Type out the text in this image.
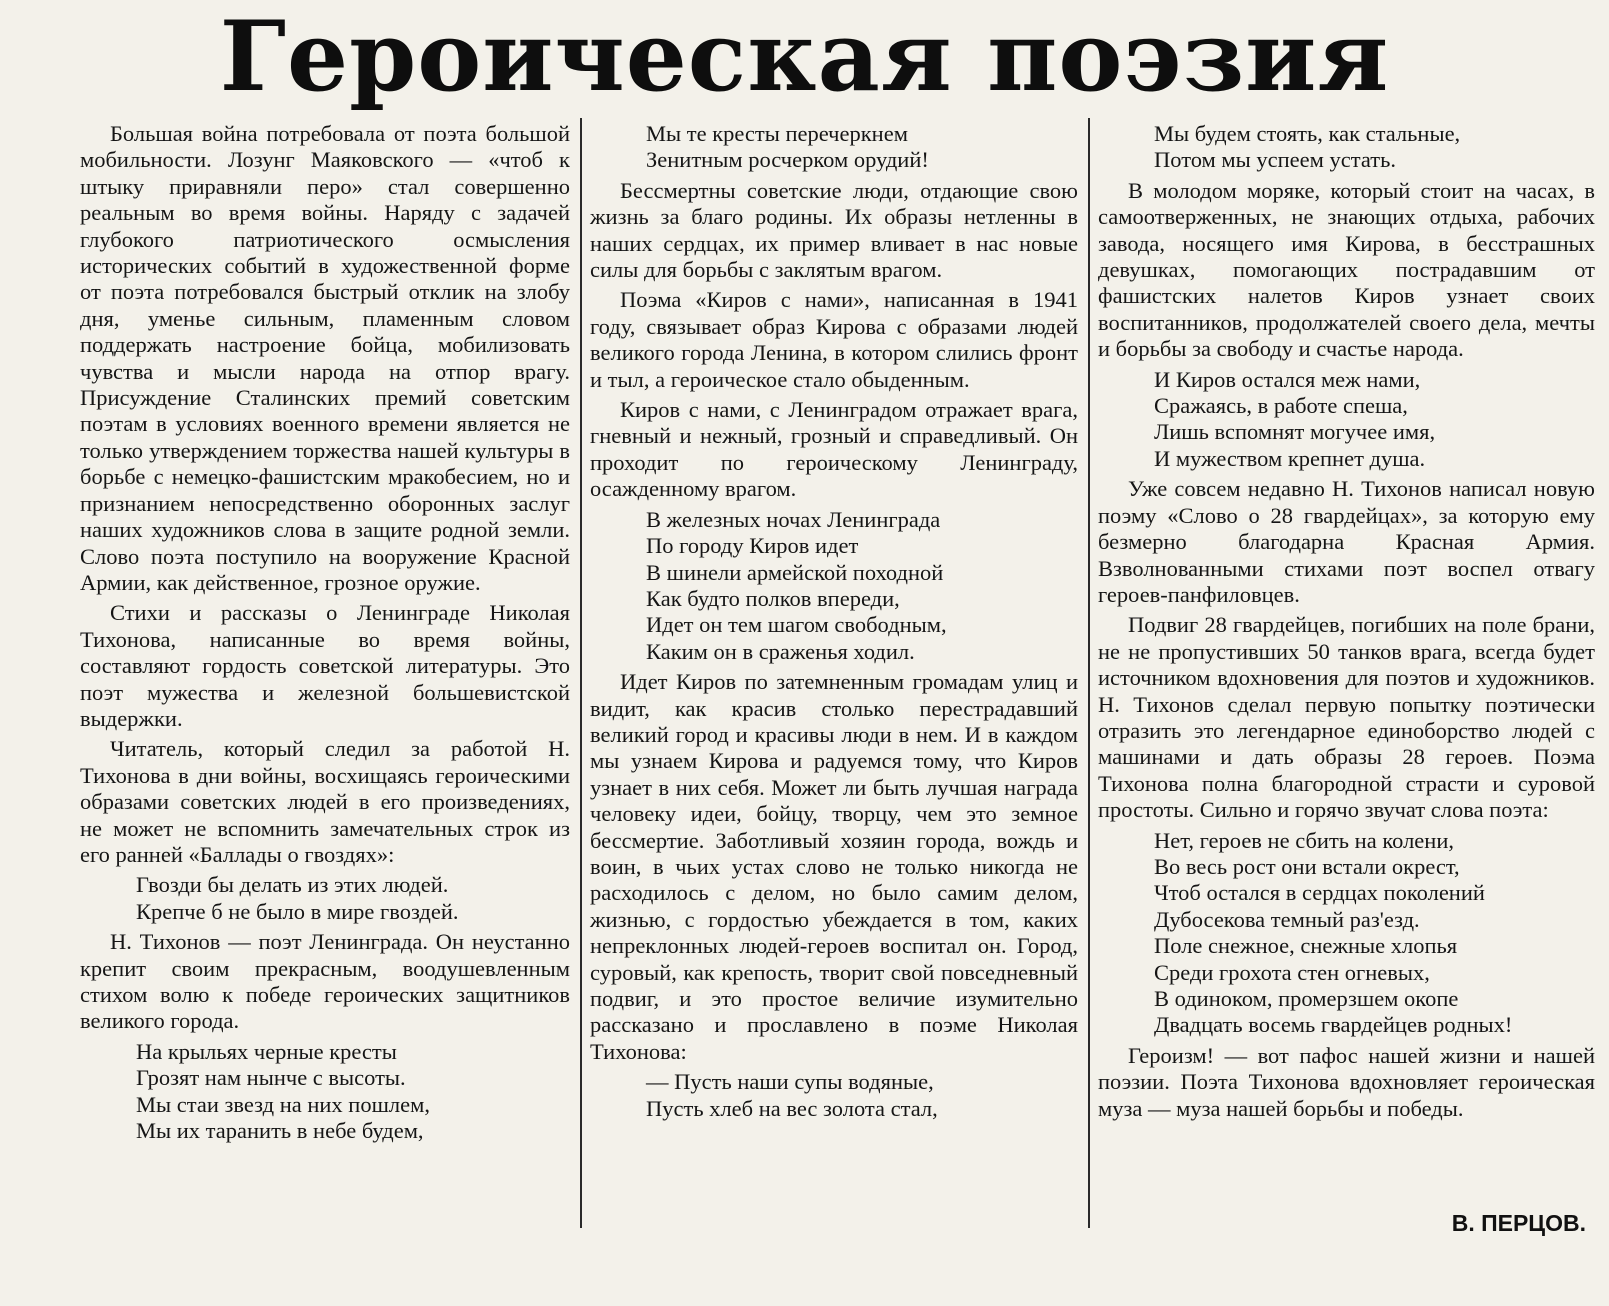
Героическая поэзия

Большая война потребовала от поэта большой мобильности. Лозунг Маяковского — «чтоб к штыку приравняли перо» стал совершенно реальным во время войны. Наряду с задачей глубокого патриотического осмысления исторических событий в художественной форме от поэта потребовался быстрый отклик на злобу дня, уменье сильным, пламенным словом поддержать настроение бойца, мобилизовать чувства и мысли народа на отпор врагу. Присуждение Сталинских премий советским поэтам в условиях военного времени является не только утверждением торжества нашей культуры в борьбе с немецко-фашистским мракобесием, но и признанием непосредственно оборонных заслуг наших художников слова в защите родной земли. Слово поэта поступило на вооружение Красной Армии, как действенное, грозное оружие.

Стихи и рассказы о Ленинграде Николая Тихонова, написанные во время войны, составляют гордость советской литературы. Это поэт мужества и железной большевистской выдержки.

Читатель, который следил за работой Н. Тихонова в дни войны, восхищаясь героическими образами советских людей в его произведениях, не может не вспомнить замечательных строк из его ранней «Баллады о гвоздях»:

Гвозди бы делать из этих людей.
Крепче б не было в мире гвоздей.

Н. Тихонов — поэт Ленинграда. Он неустанно крепит своим прекрасным, воодушевленным стихом волю к победе героических защитников великого города.

На крыльях черные кресты
Грозят нам нынче с высоты.
Мы стаи звезд на них пошлем,
Мы их таранить в небе будем,
Мы те кресты перечеркнем
Зенитным росчерком орудий!

Бессмертны советские люди, отдающие свою жизнь за благо родины. Их образы нетленны в наших сердцах, их пример вливает в нас новые силы для борьбы с заклятым врагом.

Поэма «Киров с нами», написанная в 1941 году, связывает образ Кирова с образами людей великого города Ленина, в котором слились фронт и тыл, а героическое стало обыденным.

Киров с нами, с Ленинградом отражает врага, гневный и нежный, грозный и справедливый. Он проходит по героическому Ленинграду, осажденному врагом.

В железных ночах Ленинграда
По городу Киров идет
В шинели армейской походной
Как будто полков впереди,
Идет он тем шагом свободным,
Каким он в сраженья ходил.

Идет Киров по затемненным громадам улиц и видит, как красив столько перестрадавший великий город и красивы люди в нем. И в каждом мы узнаем Кирова и радуемся тому, что Киров узнает в них себя. Может ли быть лучшая награда человеку идеи, бойцу, творцу, чем это земное бессмертие. Заботливый хозяин города, вождь и воин, в чьих устах слово не только никогда не расходилось с делом, но было самим делом, жизнью, с гордостью убеждается в том, каких непреклонных людей-героев воспитал он. Город, суровый, как крепость, творит свой повседневный подвиг, и это простое величие изумительно рассказано и прославлено в поэме Николая Тихонова:

— Пусть наши супы водяные,
Пусть хлеб на вес золота стал,
Мы будем стоять, как стальные,
Потом мы успеем устать.

В молодом моряке, который стоит на часах, в самоотверженных, не знающих отдыха, рабочих завода, носящего имя Кирова, в бесстрашных девушках, помогающих пострадавшим от фашистских налетов Киров узнает своих воспитанников, продолжателей своего дела, мечты и борьбы за свободу и счастье народа.

И Киров остался меж нами,
Сражаясь, в работе спеша,
Лишь вспомнят могучее имя,
И мужеством крепнет душа.

Уже совсем недавно Н. Тихонов написал новую поэму «Слово о 28 гвардейцах», за которую ему безмерно благодарна Красная Армия. Взволнованными стихами поэт воспел отвагу героев-панфиловцев.

Подвиг 28 гвардейцев, погибших на поле брани, не не пропустивших 50 танков врага, всегда будет источником вдохновения для поэтов и художников. Н. Тихонов сделал первую попытку поэтически отразить это легендарное единоборство людей с машинами и дать образы 28 героев. Поэма Тихонова полна благородной страсти и суровой простоты. Сильно и горячо звучат слова поэта:

Нет, героев не сбить на колени,
Во весь рост они встали окрест,
Чтоб остался в сердцах поколений
Дубосекова темный раз'езд.
Поле снежное, снежные хлопья
Среди грохота стен огневых,
В одиноком, промерзшем окопе
Двадцать восемь гвардейцев родных!

Героизм! — вот пафос нашей жизни и нашей поэзии. Поэта Тихонова вдохновляет героическая муза — муза нашей борьбы и победы.

В. ПЕРЦОВ.
